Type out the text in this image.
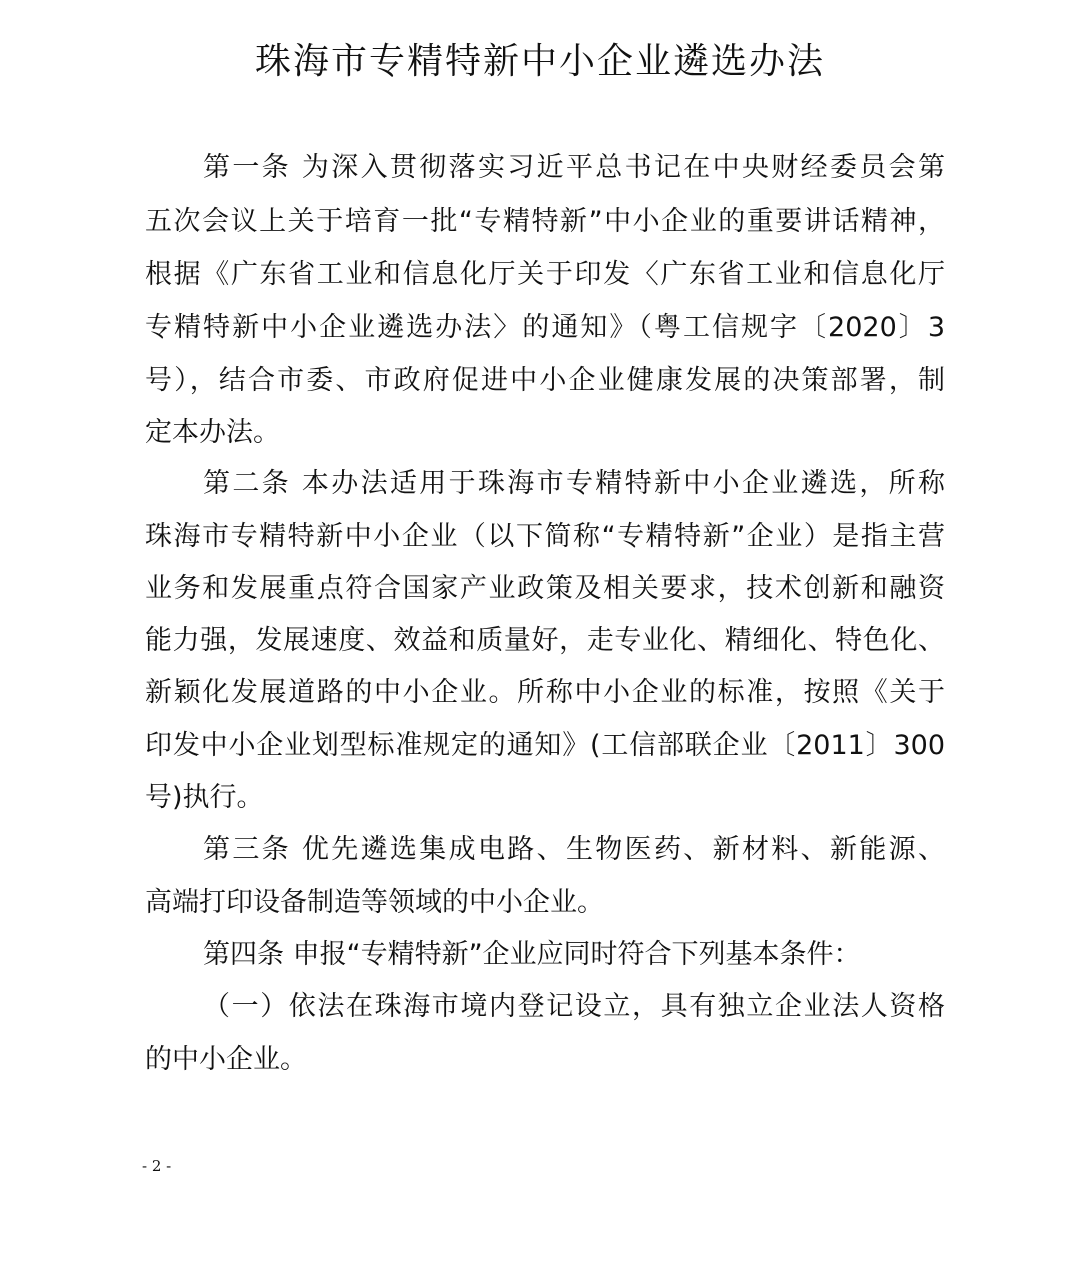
珠海市专精特新中小企业遴选办法

第一条 为深入贯彻落实习近平总书记在中央财经委员会第

五次会议上关于培育一批“专精特新”中小企业的重要讲话精神，

根据《广东省工业和信息化厅关于印发〈广东省工业和信息化厅

专精特新中小企业遴选办法〉的通知》（粤工信规字〔2020〕3

号），结合市委、市政府促进中小企业健康发展的决策部署，制

定本办法。

第二条 本办法适用于珠海市专精特新中小企业遴选，所称

珠海市专精特新中小企业（以下简称“专精特新”企业）是指主营

业务和发展重点符合国家产业政策及相关要求，技术创新和融资

能力强，发展速度、效益和质量好，走专业化、精细化、特色化、

新颖化发展道路的中小企业。所称中小企业的标准，按照《关于

印发中小企业划型标准规定的通知》(工信部联企业〔2011〕300

号)执行。

第三条 优先遴选集成电路、生物医药、新材料、新能源、

高端打印设备制造等领域的中小企业。

第四条 申报“专精特新”企业应同时符合下列基本条件：

（一）依法在珠海市境内登记设立，具有独立企业法人资格

的中小企业。

- 2 -
